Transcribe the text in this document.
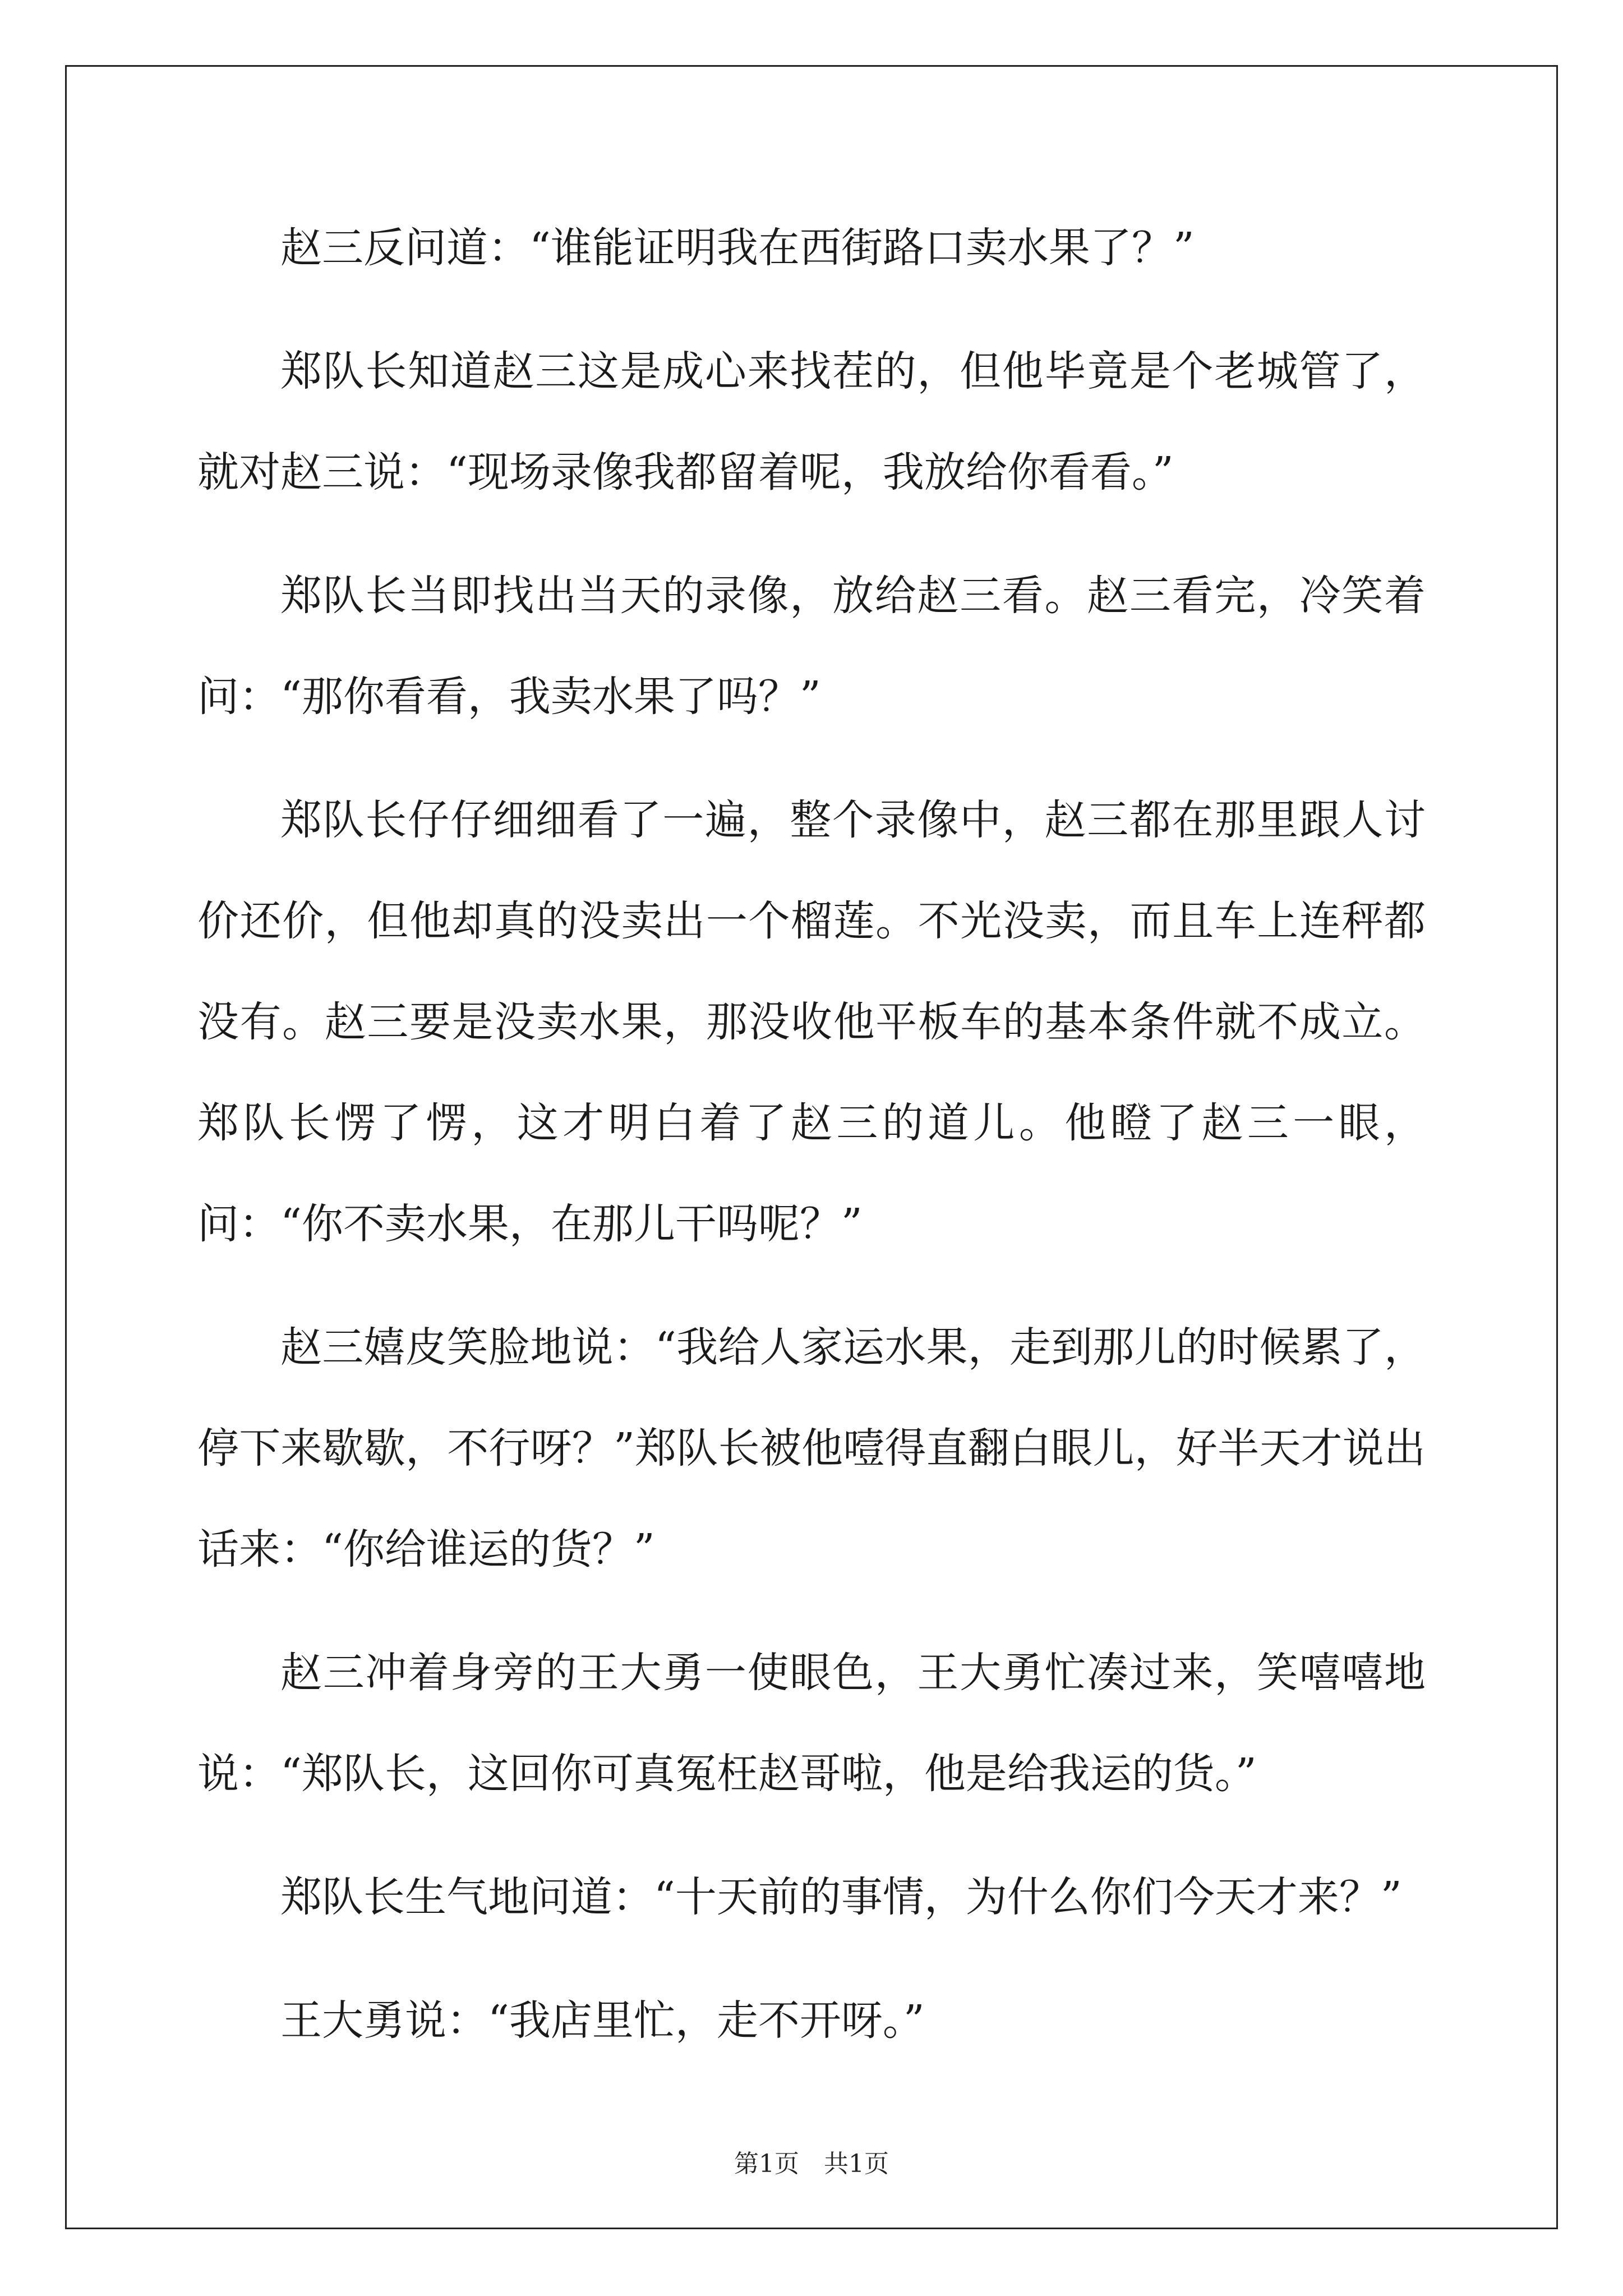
赵三反问道：“谁能证明我在西街路口卖水果了？”

郑队长知道赵三这是成心来找茬的，但他毕竟是个老城管了，就对赵三说：“现场录像我都留着呢，我放给你看看。”

郑队长当即找出当天的录像，放给赵三看。赵三看完，冷笑着问：“那你看看，我卖水果了吗？”

郑队长仔仔细细看了一遍，整个录像中，赵三都在那里跟人讨价还价，但他却真的没卖出一个榴莲。不光没卖，而且车上连秤都没有。赵三要是没卖水果，那没收他平板车的基本条件就不成立。郑队长愣了愣，这才明白着了赵三的道儿。他瞪了赵三一眼，问：“你不卖水果，在那儿干吗呢？”

赵三嬉皮笑脸地说：“我给人家运水果，走到那儿的时候累了，停下来歇歇，不行呀？”郑队长被他噎得直翻白眼儿，好半天才说出话来：“你给谁运的货？”

赵三冲着身旁的王大勇一使眼色，王大勇忙凑过来，笑嘻嘻地说：“郑队长，这回你可真冤枉赵哥啦，他是给我运的货。”

郑队长生气地问道：“十天前的事情，为什么你们今天才来？”

王大勇说：“我店里忙，走不开呀。”

第1页　共1页
